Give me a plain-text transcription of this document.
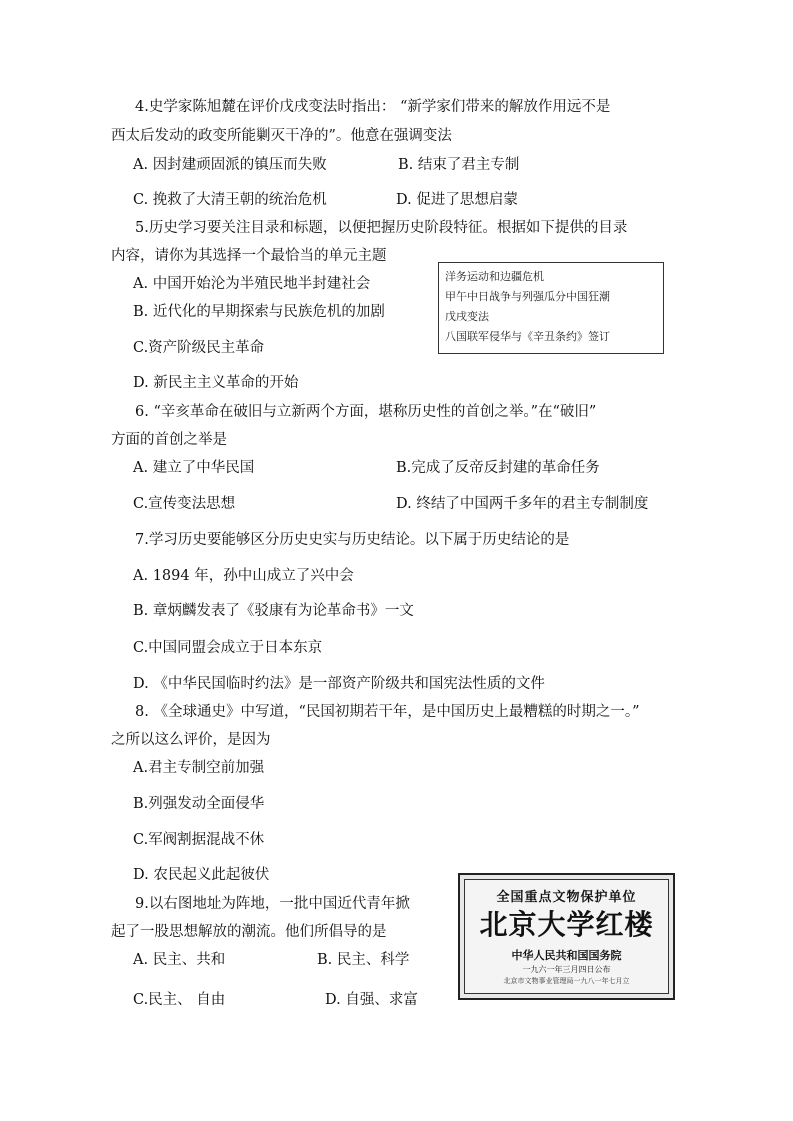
4.史学家陈旭麓在评价戊戌变法时指出： “新学家们带来的解放作用远不是
西太后发动的政变所能剿灭干净的”。他意在强调变法
A. 因封建顽固派的镇压而失败	B. 结束了君主专制
C. 挽救了大清王朝的统治危机	D. 促进了思想启蒙
5.历史学习要关注目录和标题，以便把握历史阶段特征。根据如下提供的目录
内容，请你为其选择一个最恰当的单元主题
A. 中国开始沦为半殖民地半封建社会
B. 近代化的早期探索与民族危机的加剧
C.资产阶级民主革命
D. 新民主主义革命的开始
洋务运动和边疆危机
甲午中日战争与列强瓜分中国狂潮
戊戌变法
八国联军侵华与《辛丑条约》签订
6. “辛亥革命在破旧与立新两个方面，堪称历史性的首创之举。”在“破旧”
方面的首创之举是
A. 建立了中华民国	B.完成了反帝反封建的革命任务
C.宣传变法思想	D. 终结了中国两千多年的君主专制制度
7.学习历史要能够区分历史史实与历史结论。以下属于历史结论的是
A. 1894 年，孙中山成立了兴中会
B. 章炳麟发表了《驳康有为论革命书》一文
C.中国同盟会成立于日本东京
D. 《中华民国临时约法》是一部资产阶级共和国宪法性质的文件
8. 《全球通史》中写道，“民国初期若干年，是中国历史上最糟糕的时期之一。”
之所以这么评价，是因为
A.君主专制空前加强
B.列强发动全面侵华
C.军阀割据混战不休
D. 农民起义此起彼伏
9.以右图地址为阵地，一批中国近代青年掀
起了一股思想解放的潮流。他们所倡导的是
A. 民主、共和	B. 民主、科学
C.民主、 自由	D. 自强、求富
全国重点文物保护单位
北京大学红楼
中华人民共和国国务院
一九六一年三月四日公布
北京市文物事业管理局一九八一年七月立
